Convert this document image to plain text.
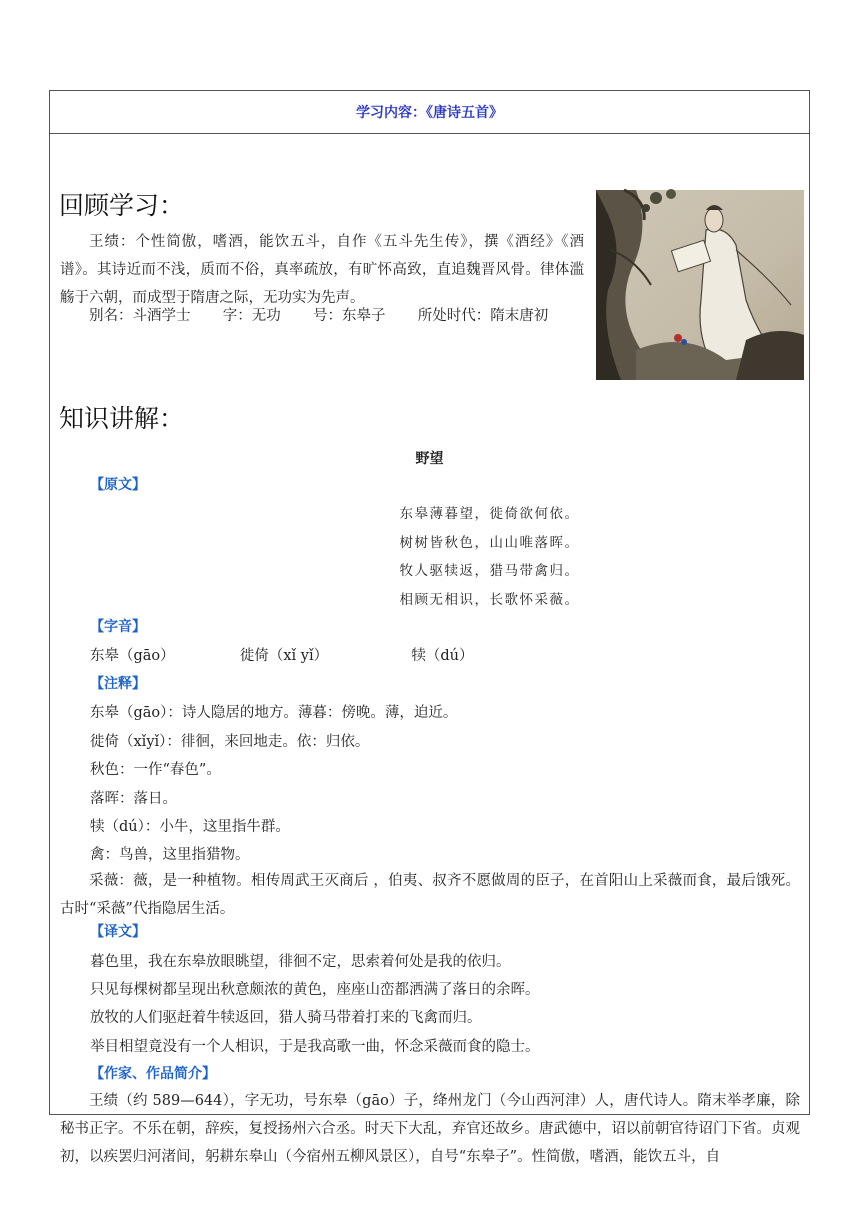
学习内容：《唐诗五首》
回顾学习：

王绩：个性简傲，嗜酒，能饮五斗，自作《五斗先生传》，撰《酒经》《酒谱》。其诗近而不浅，质而不俗，真率疏放，有旷怀高致，直追魏晋风骨。律体滥觞于六朝，而成型于隋唐之际，无功实为先声。

别名：斗酒学士 字：无功 号：东皋子 所处时代：隋末唐初
知识讲解：
野望
【原文】
东皋薄暮望，徙倚欲何依。
树树皆秋色，山山唯落晖。
牧人驱犊返，猎马带禽归。
相顾无相识，长歌怀采薇。
【字音】
东皋（gāo）	徙倚（xǐ yǐ）	犊（dú）
【注释】
东皋（gāo）：诗人隐居的地方。薄暮：傍晚。薄，迫近。
徙倚（xǐyǐ）：徘徊，来回地走。依：归依。
秋色：一作“春色”。
落晖：落日。
犊（dú）：小牛，这里指牛群。
禽：鸟兽，这里指猎物。
采薇：薇，是一种植物。相传周武王灭商后 ，伯夷、叔齐不愿做周的臣子，在首阳山上采薇而食，最后饿死。古时“采薇”代指隐居生活。
【译文】
暮色里，我在东皋放眼眺望，徘徊不定，思索着何处是我的依归。
只见每棵树都呈现出秋意颇浓的黄色，座座山峦都洒满了落日的余晖。
放牧的人们驱赶着牛犊返回，猎人骑马带着打来的飞禽而归。
举目相望竟没有一个人相识，于是我高歌一曲，怀念采薇而食的隐士。
【作家、作品简介】
王绩（约 589—644），字无功，号东皋（gāo）子，绛州龙门（今山西河津）人，唐代诗人。隋末举孝廉，除秘书正字。不乐在朝，辞疾，复授扬州六合丞。时天下大乱，弃官还故乡。唐武德中，诏以前朝官待诏门下省。贞观初，以疾罢归河渚间，躬耕东皋山（今宿州五柳风景区），自号“东皋子”。性简傲，嗜酒，能饮五斗，自
